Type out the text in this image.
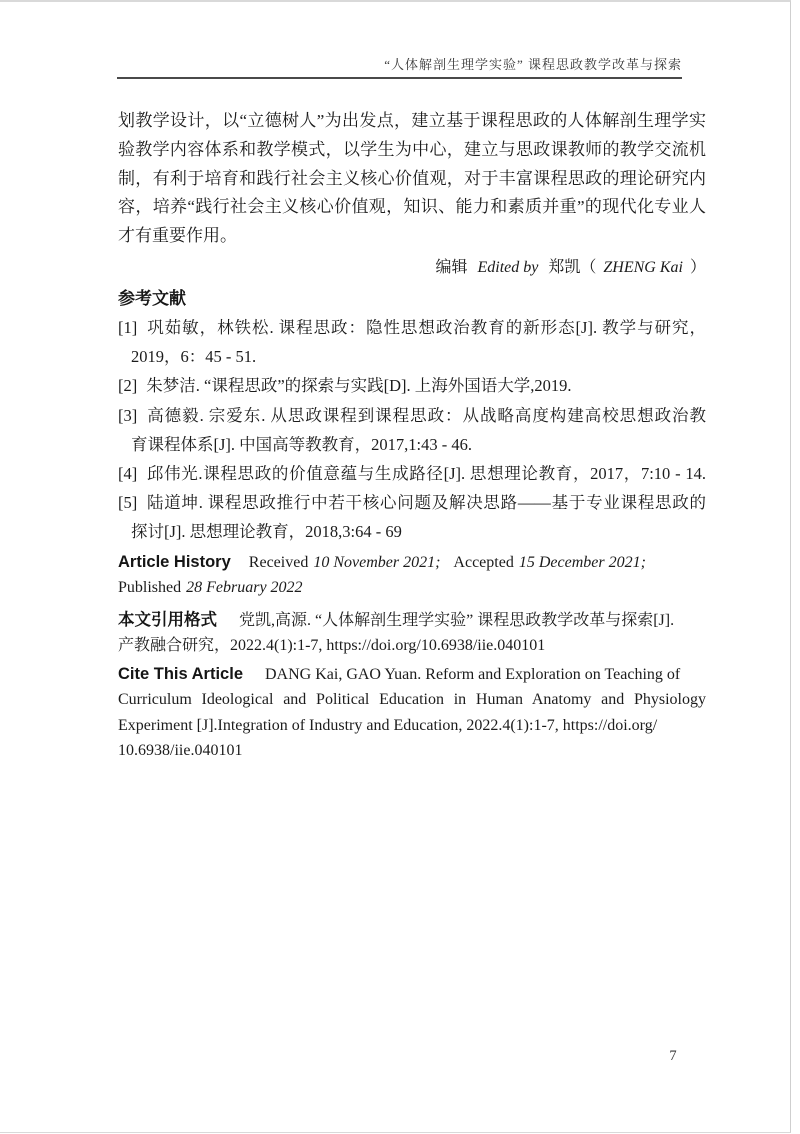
“人体解剖生理学实验” 课程思政教学改革与探索
划教学设计，以“立德树人”为出发点，建立基于课程思政的人体解剖生理学实
验教学内容体系和教学模式，以学生为中心，建立与思政课教师的教学交流机
制，有利于培育和践行社会主义核心价值观，对于丰富课程思政的理论研究内
容，培养“践行社会主义核心价值观，知识、能力和素质并重”的现代化专业人
才有重要作用。
编辑 Edited by 郑凯（ ZHENG Kai ）
参考文献
[1] 巩茹敏，林铁松. 课程思政：隐性思想政治教育的新形态[J]. 教学与研究，
2019，6：45 - 51.
[2] 朱梦洁. “课程思政”的探索与实践[D]. 上海外国语大学,2019.
[3] 高德毅. 宗爱东. 从思政课程到课程思政：从战略高度构建高校思想政治教
育课程体系[J]. 中国高等教教育，2017,1:43 - 46.
[4] 邱伟光.课程思政的价值意蕴与生成路径[J]. 思想理论教育，2017，7:10 - 14.
[5] 陆道坤. 课程思政推行中若干核心问题及解决思路——基于专业课程思政的
探讨[J]. 思想理论教育，2018,3:64 - 69
Article History Received 10 November 2021; Accepted 15 December 2021;
Published 28 February 2022
本文引用格式 党凯,高源. “人体解剖生理学实验” 课程思政教学改革与探索[J].
产教融合研究，2022.4(1):1-7, https://doi.org/10.6938/iie.040101
Cite This Article DANG Kai, GAO Yuan. Reform and Exploration on Teaching of
Curriculum Ideological and Political Education in Human Anatomy and Physiology
Experiment [J].Integration of Industry and Education, 2022.4(1):1-7, https://doi.org/
10.6938/iie.040101
7
